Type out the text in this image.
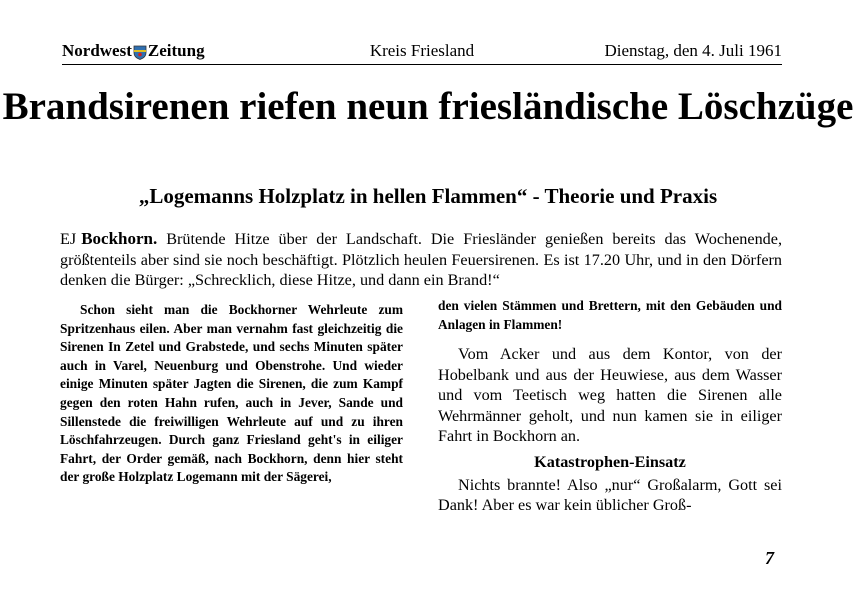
Nordwest Zeitung	Kreis Friesland	Dienstag, den 4. Juli 1961
Brandsirenen riefen neun friesländische Löschzüge
„Logemanns Holzplatz in hellen Flammen“ - Theorie und Praxis

EJ Bockhorn. Brütende Hitze über der Landschaft. Die Friesländer genießen bereits das Wochenende, größtenteils aber sind sie noch beschäftigt. Plötzlich heulen Feuersirenen. Es ist 17.20 Uhr, und in den Dörfern denken die Bürger: „Schrecklich, diese Hitze, und dann ein Brand!“

Schon sieht man die Bockhorner Wehrleute zum Spritzenhaus eilen. Aber man vernahm fast gleichzeitig die Sirenen In Zetel und Grabstede, und sechs Minuten später auch in Varel, Neuenburg und Obenstrohe. Und wieder einige Minuten später Jagten die Sirenen, die zum Kampf gegen den roten Hahn rufen, auch in Jever, Sande und Sillenstede die freiwilligen Wehrleute auf und zu ihren Löschfahrzeugen. Durch ganz Friesland geht's in eiliger Fahrt, der Order gemäß, nach Bockhorn, denn hier steht der große Holzplatz Logemann mit der Sägerei,

den vielen Stämmen und Brettern, mit den Gebäuden und Anlagen in Flammen!

Vom Acker und aus dem Kontor, von der Hobelbank und aus der Heuwiese, aus dem Wasser und vom Teetisch weg hatten die Sirenen alle Wehrmänner geholt, und nun kamen sie in eiliger Fahrt in Bockhorn an.

Katastrophen-Einsatz

Nichts brannte! Also „nur“ Großalarm, Gott sei Dank! Aber es war kein üblicher Groß-

7
